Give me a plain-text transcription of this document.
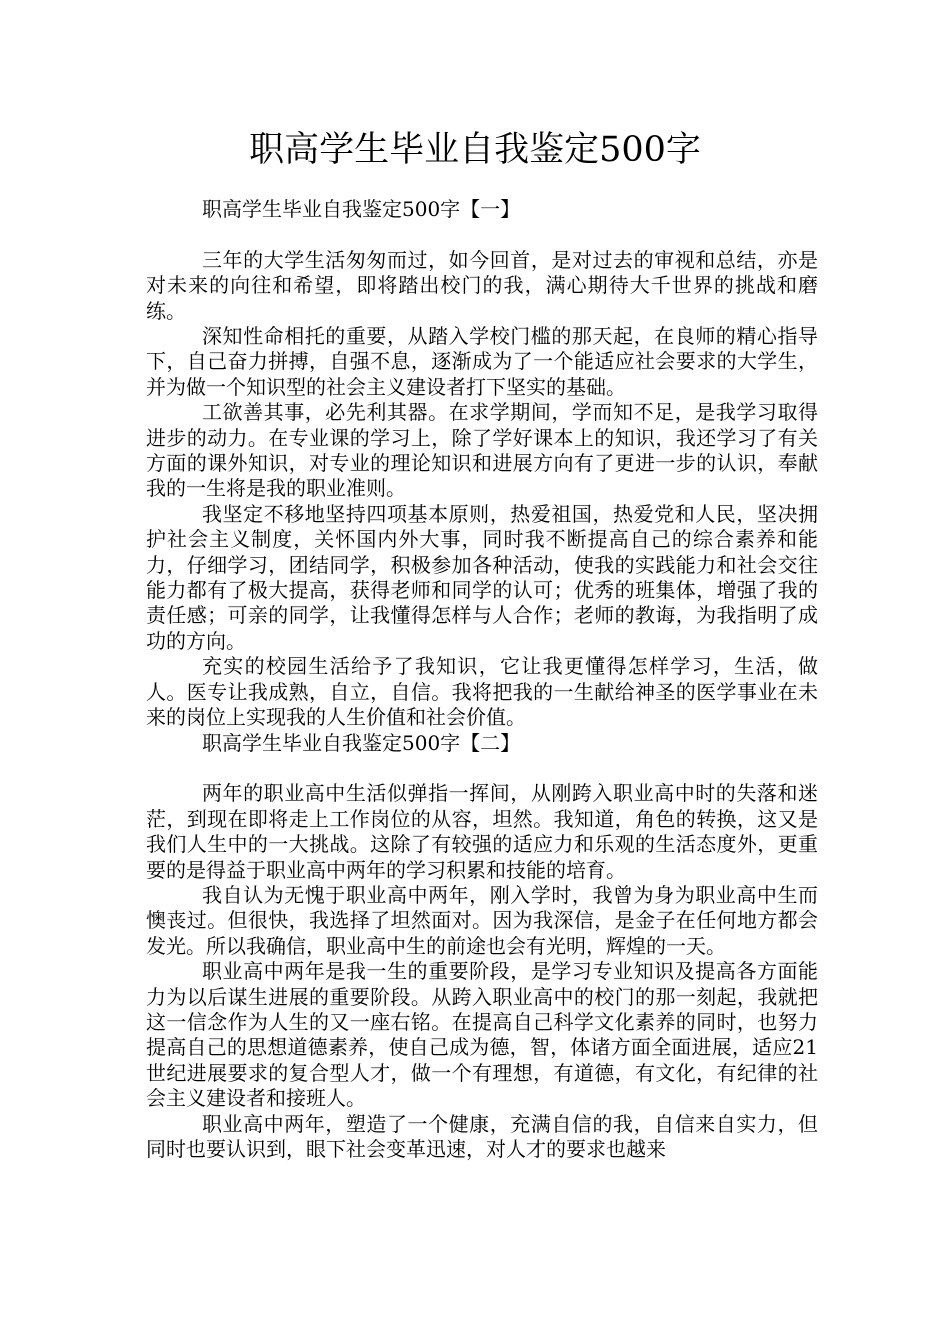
职高学生毕业自我鉴定500字

职高学生毕业自我鉴定500字【一】

三年的大学生活匆匆而过，如今回首，是对过去的审视和总结，亦是对未来的向往和希望，即将踏出校门的我，满心期待大千世界的挑战和磨练。

深知性命相托的重要，从踏入学校门槛的那天起，在良师的精心指导下，自己奋力拼搏，自强不息，逐渐成为了一个能适应社会要求的大学生，并为做一个知识型的社会主义建设者打下坚实的基础。

工欲善其事，必先利其器。在求学期间，学而知不足，是我学习取得进步的动力。在专业课的学习上，除了学好课本上的知识，我还学习了有关方面的课外知识，对专业的理论知识和进展方向有了更进一步的认识，奉献我的一生将是我的职业准则。

我坚定不移地坚持四项基本原则，热爱祖国，热爱党和人民，坚决拥护社会主义制度，关怀国内外大事，同时我不断提高自己的综合素养和能力，仔细学习，团结同学，积极参加各种活动，使我的实践能力和社会交往能力都有了极大提高，获得老师和同学的认可；优秀的班集体，增强了我的责任感；可亲的同学，让我懂得怎样与人合作；老师的教诲，为我指明了成功的方向。

充实的校园生活给予了我知识，它让我更懂得怎样学习，生活，做人。医专让我成熟，自立，自信。我将把我的一生献给神圣的医学事业在未来的岗位上实现我的人生价值和社会价值。

职高学生毕业自我鉴定500字【二】

两年的职业高中生活似弹指一挥间，从刚跨入职业高中时的失落和迷茫，到现在即将走上工作岗位的从容，坦然。我知道，角色的转换，这又是我们人生中的一大挑战。这除了有较强的适应力和乐观的生活态度外，更重要的是得益于职业高中两年的学习积累和技能的培育。

我自认为无愧于职业高中两年，刚入学时，我曾为身为职业高中生而懊丧过。但很快，我选择了坦然面对。因为我深信，是金子在任何地方都会发光。所以我确信，职业高中生的前途也会有光明，辉煌的一天。

职业高中两年是我一生的重要阶段，是学习专业知识及提高各方面能力为以后谋生进展的重要阶段。从跨入职业高中的校门的那一刻起，我就把这一信念作为人生的又一座右铭。在提高自己科学文化素养的同时，也努力提高自己的思想道德素养，使自己成为德，智，体诸方面全面进展，适应21世纪进展要求的复合型人才，做一个有理想，有道德，有文化，有纪律的社会主义建设者和接班人。

职业高中两年，塑造了一个健康，充满自信的我，自信来自实力，但同时也要认识到，眼下社会变革迅速，对人才的要求也越来
